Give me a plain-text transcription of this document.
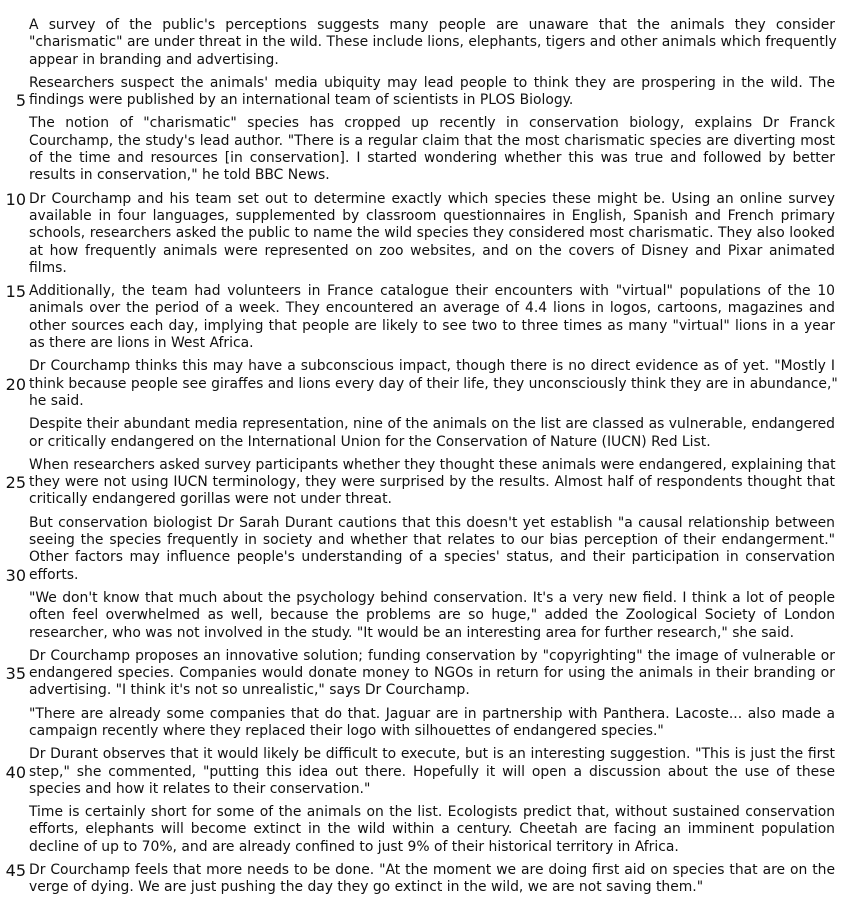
A survey of the public's perceptions suggests many people are unaware that the animals they consider
"charismatic" are under threat in the wild. These include lions, elephants, tigers and other animals which frequently
appear in branding and advertising.
Researchers suspect the animals' media ubiquity may lead people to think they are prospering in the wild. The
5 findings were published by an international team of scientists in PLOS Biology.
The notion of "charismatic" species has cropped up recently in conservation biology, explains Dr Franck
Courchamp, the study's lead author. "There is a regular claim that the most charismatic species are diverting most
of the time and resources [in conservation]. I started wondering whether this was true and followed by better
results in conservation," he told BBC News.
10 Dr Courchamp and his team set out to determine exactly which species these might be. Using an online survey
available in four languages, supplemented by classroom questionnaires in English, Spanish and French primary
schools, researchers asked the public to name the wild species they considered most charismatic. They also looked
at how frequently animals were represented on zoo websites, and on the covers of Disney and Pixar animated
films.
15 Additionally, the team had volunteers in France catalogue their encounters with "virtual" populations of the 10
animals over the period of a week. They encountered an average of 4.4 lions in logos, cartoons, magazines and
other sources each day, implying that people are likely to see two to three times as many "virtual" lions in a year
as there are lions in West Africa.
Dr Courchamp thinks this may have a subconscious impact, though there is no direct evidence as of yet. "Mostly I
20 think because people see giraffes and lions every day of their life, they unconsciously think they are in abundance,"
he said.
Despite their abundant media representation, nine of the animals on the list are classed as vulnerable, endangered
or critically endangered on the International Union for the Conservation of Nature (IUCN) Red List.
When researchers asked survey participants whether they thought these animals were endangered, explaining that
25 they were not using IUCN terminology, they were surprised by the results. Almost half of respondents thought that
critically endangered gorillas were not under threat.
But conservation biologist Dr Sarah Durant cautions that this doesn't yet establish "a causal relationship between
seeing the species frequently in society and whether that relates to our bias perception of their endangerment."
Other factors may influence people's understanding of a species' status, and their participation in conservation
30 efforts.
"We don't know that much about the psychology behind conservation. It's a very new field. I think a lot of people
often feel overwhelmed as well, because the problems are so huge," added the Zoological Society of London
researcher, who was not involved in the study. "It would be an interesting area for further research," she said.
Dr Courchamp proposes an innovative solution; funding conservation by "copyrighting" the image of vulnerable or
35 endangered species. Companies would donate money to NGOs in return for using the animals in their branding or
advertising. "I think it's not so unrealistic," says Dr Courchamp.
"There are already some companies that do that. Jaguar are in partnership with Panthera. Lacoste... also made a
campaign recently where they replaced their logo with silhouettes of endangered species."
Dr Durant observes that it would likely be difficult to execute, but is an interesting suggestion. "This is just the first
40 step," she commented, "putting this idea out there. Hopefully it will open a discussion about the use of these
species and how it relates to their conservation."
Time is certainly short for some of the animals on the list. Ecologists predict that, without sustained conservation
efforts, elephants will become extinct in the wild within a century. Cheetah are facing an imminent population
decline of up to 70%, and are already confined to just 9% of their historical territory in Africa.
45 Dr Courchamp feels that more needs to be done. "At the moment we are doing first aid on species that are on the
verge of dying. We are just pushing the day they go extinct in the wild, we are not saving them."
